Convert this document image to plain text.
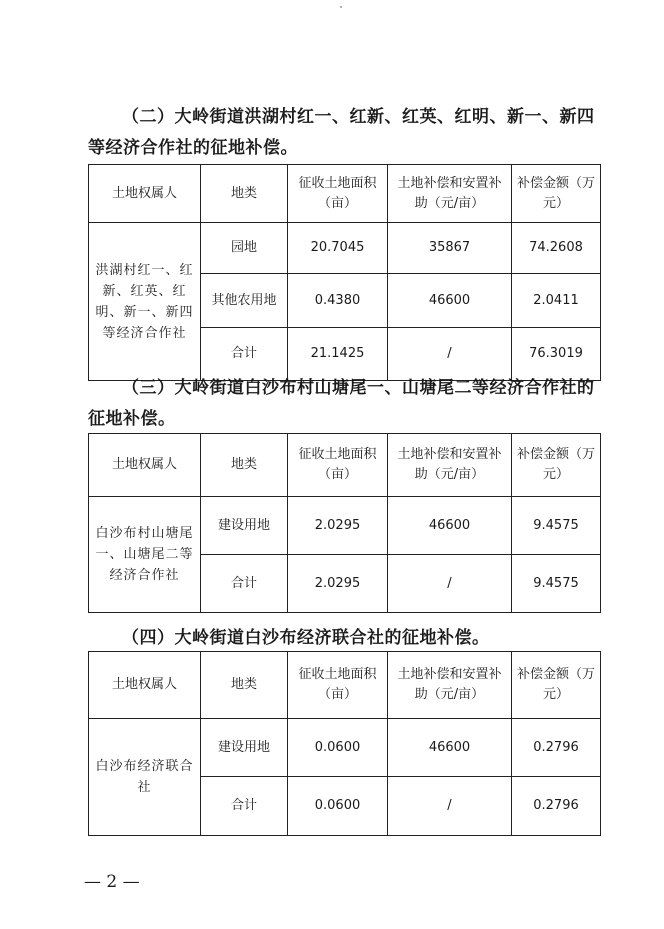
（二）大岭街道洪湖村红一、红新、红英、红明、新一、新四等经济合作社的征地补偿。
土地权属人	地类	征收土地面积（亩）	土地补偿和安置补助（元/亩）	补偿金额（万元）
洪湖村红一、红新、红英、红明、新一、新四等经济合作社	园地	20.7045	35867	74.2608
	其他农用地	0.4380	46600	2.0411
	合计	21.1425	/	76.3019
（三）大岭街道白沙布村山塘尾一、山塘尾二等经济合作社的征地补偿。
土地权属人	地类	征收土地面积（亩）	土地补偿和安置补助（元/亩）	补偿金额（万元）
白沙布村山塘尾一、山塘尾二等经济合作社	建设用地	2.0295	46600	9.4575
	合计	2.0295	/	9.4575
（四）大岭街道白沙布经济联合社的征地补偿。
土地权属人	地类	征收土地面积（亩）	土地补偿和安置补助（元/亩）	补偿金额（万元）
白沙布经济联合社	建设用地	0.0600	46600	0.2796
	合计	0.0600	/	0.2796
— 2 —
